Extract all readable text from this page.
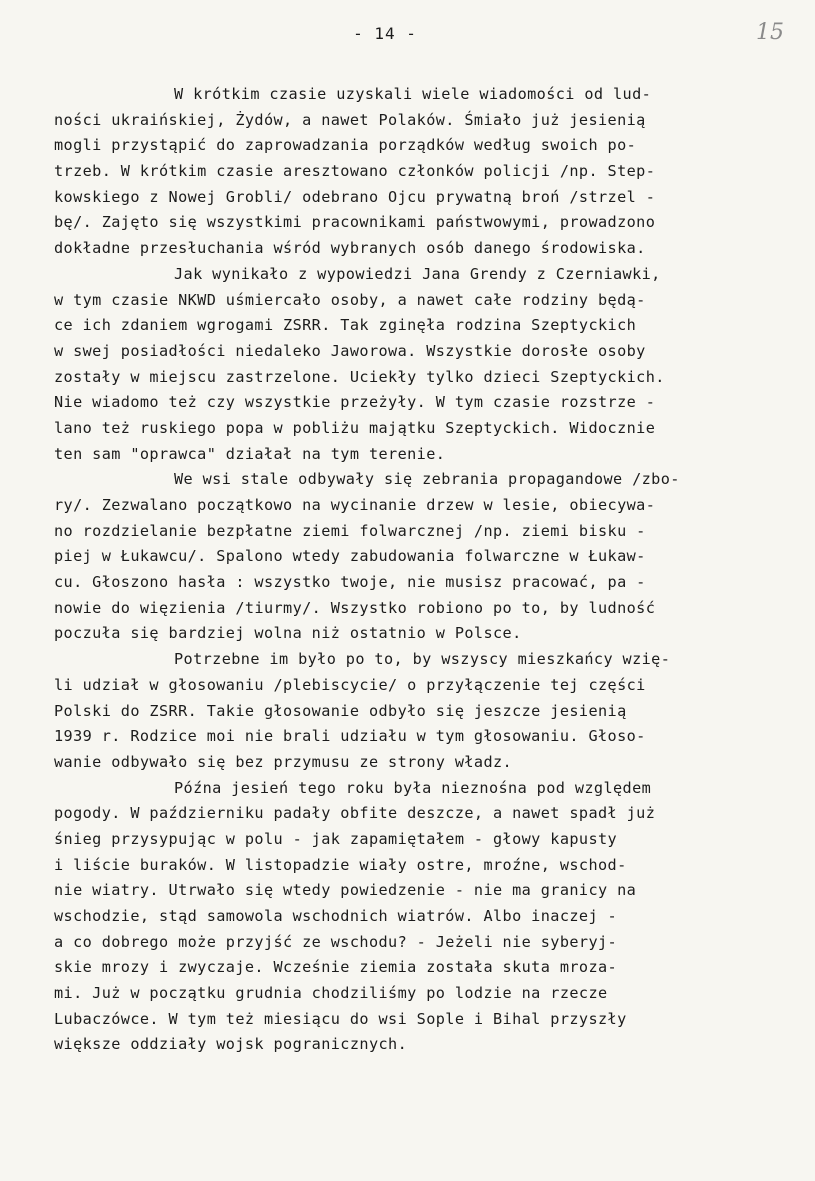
- 14 -	15
W krótkim czasie uzyskali wiele wiadomości od lud-
ności ukraińskiej, Żydów, a nawet Polaków. Śmiało już jesienią
mogli przystąpić do zaprowadzania porządków według swoich po-
trzeb. W krótkim czasie aresztowano członków policji /np. Step-
kowskiego z Nowej Grobli/ odebrano Ojcu prywatną broń /strzel -
bę/. Zajęto się wszystkimi pracownikami państwowymi, prowadzono
dokładne przesłuchania wśród wybranych osób danego środowiska.
Jak wynikało z wypowiedzi Jana Grendy z Czerniawki,
w tym czasie NKWD uśmiercało osoby, a nawet całe rodziny będą-
ce ich zdaniem wgrogami ZSRR. Tak zginęła rodzina Szeptyckich
w swej posiadłości niedaleko Jaworowa. Wszystkie dorosłe osoby
zostały w miejscu zastrzelone. Uciekły tylko dzieci Szeptyckich.
Nie wiadomo też czy wszystkie przeżyły. W tym czasie rozstrze -
lano też ruskiego popa w pobliżu majątku Szeptyckich. Widocznie
ten sam "oprawca" działał na tym terenie.
We wsi stale odbywały się zebrania propagandowe /zbo-
ry/. Zezwalano początkowo na wycinanie drzew w lesie, obiecywa-
no rozdzielanie bezpłatne ziemi folwarcznej /np. ziemi bisku -
piej w Łukawcu/. Spalono wtedy zabudowania folwarczne w Łukaw-
cu. Głoszono hasła : wszystko twoje, nie musisz pracować, pa -
nowie do więzienia /tiurmy/. Wszystko robiono po to, by ludność
poczuła się bardziej wolna niż ostatnio w Polsce.
Potrzebne im było po to, by wszyscy mieszkańcy wzię-
li udział w głosowaniu /plebiscycie/ o przyłączenie tej części
Polski do ZSRR. Takie głosowanie odbyło się jeszcze jesienią
1939 r. Rodzice moi nie brali udziału w tym głosowaniu. Głoso-
wanie odbywało się bez przymusu ze strony władz.
Późna jesień tego roku była nieznośna pod względem
pogody. W październiku padały obfite deszcze, a nawet spadł już
śnieg przysypując w polu - jak zapamiętałem - głowy kapusty
i liście buraków. W listopadzie wiały ostre, mroźne, wschod-
nie wiatry. Utrwało się wtedy powiedzenie - nie ma granicy na
wschodzie, stąd samowola wschodnich wiatrów. Albo inaczej -
a co dobrego może przyjść ze wschodu? - Jeżeli nie syberyj-
skie mrozy i zwyczaje. Wcześnie ziemia została skuta mroza-
mi. Już w początku grudnia chodziliśmy po lodzie na rzecze
Lubaczówce. W tym też miesiącu do wsi Sople i Bihal przyszły
większe oddziały wojsk pogranicznych.
